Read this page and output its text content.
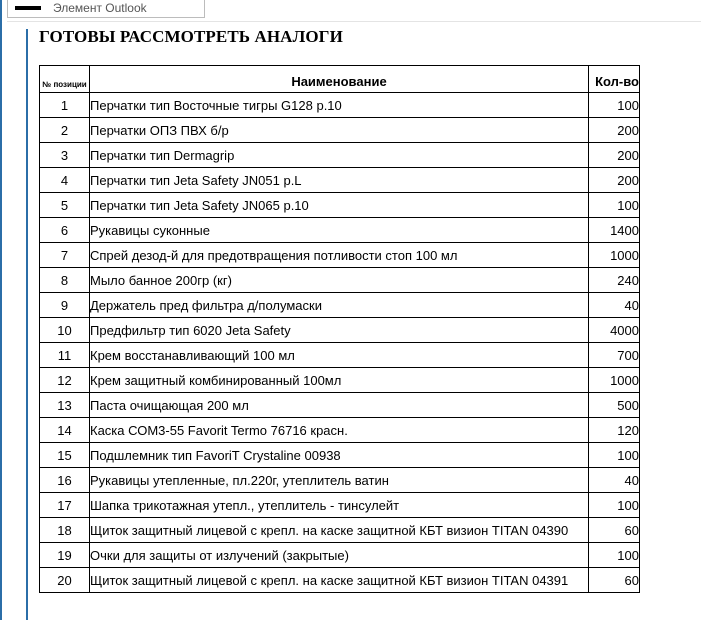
Элемент Outlook
ГОТОВЫ РАССМОТРЕТЬ АНАЛОГИ
№ позиции	Наименование	Кол-во
1	Перчатки тип Восточные тигры G128 р.10	100
2	Перчатки ОПЗ ПВХ б/р	200
3	Перчатки тип Dermagrip	200
4	Перчатки тип Jeta Safety JN051 p.L	200
5	Перчатки тип Jeta Safety JN065 p.10	100
6	Рукавицы суконные	1400
7	Спрей дезод-й для предотвращения потливости стоп 100 мл	1000
8	Мыло банное 200гр (кг)	240
9	Держатель пред фильтра д/полумаски	40
10	Предфильтр тип 6020 Jeta Safety	4000
11	Крем восстанавливающий 100 мл	700
12	Крем защитный комбинированный 100мл	1000
13	Паста очищающая 200 мл	500
14	Каска СОМ3-55 Favorit Termo 76716 красн.	120
15	Подшлемник тип FavoriT Crystaline 00938	100
16	Рукавицы утепленные, пл.220г, утеплитель ватин	40
17	Шапка трикотажная утепл., утеплитель - тинсулейт	100
18	Щиток защитный лицевой с крепл. на каске защитной КБТ визион TITAN 04390	60
19	Очки для защиты от излучений (закрытые)	100
20	Щиток защитный лицевой с крепл. на каске защитной КБТ визион TITAN 04391	60
